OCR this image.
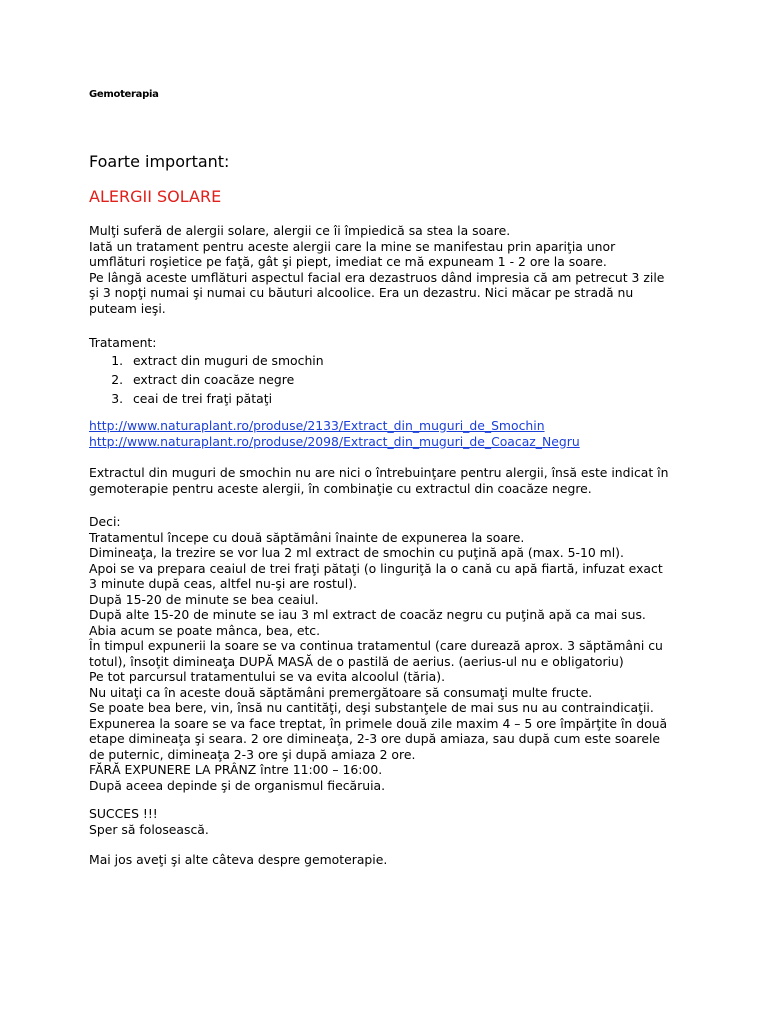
Gemoterapia
Foarte important:
ALERGII SOLARE

Mulţi suferă de alergii solare, alergii ce îi împiedică sa stea la soare.

Iată un tratament pentru aceste alergii care la mine se manifestau prin apariţia unor

umflături roşietice pe faţă, gât şi piept, imediat ce mă expuneam 1 - 2 ore la soare.

Pe lângă aceste umflături aspectul facial era dezastruos dând impresia că am petrecut 3 zile

şi 3 nopţi numai şi numai cu băuturi alcoolice. Era un dezastru. Nici măcar pe stradă nu

puteam ieşi.

Tratament:

1. extract din muguri de smochin
2. extract din coacăze negre
3. ceai de trei fraţi pătaţi
http://www.naturaplant.ro/produse/2133/Extract_din_muguri_de_Smochin
http://www.naturaplant.ro/produse/2098/Extract_din_muguri_de_Coacaz_Negru

Extractul din muguri de smochin nu are nici o întrebuinţare pentru alergii, însă este indicat în

gemoterapie pentru aceste alergii, în combinaţie cu extractul din coacăze negre.

Deci:

Tratamentul începe cu două săptămâni înainte de expunerea la soare.

Dimineaţa, la trezire se vor lua 2 ml extract de smochin cu puţină apă (max. 5-10 ml).

Apoi se va prepara ceaiul de trei fraţi pătaţi (o linguriţă la o cană cu apă fiartă, infuzat exact

3 minute după ceas, altfel nu-şi are rostul).

După 15-20 de minute se bea ceaiul.

După alte 15-20 de minute se iau 3 ml extract de coacăz negru cu puţină apă ca mai sus.

Abia acum se poate mânca, bea, etc.

În timpul expunerii la soare se va continua tratamentul (care durează aprox. 3 săptămâni cu

totul), însoţit dimineaţa DUPĂ MASĂ de o pastilă de aerius. (aerius-ul nu e obligatoriu)

Pe tot parcursul tratamentului se va evita alcoolul (tăria).

Nu uitaţi ca în aceste două săptămâni premergătoare să consumaţi multe fructe.

Se poate bea bere, vin, însă nu cantităţi, deşi substanţele de mai sus nu au contraindicaţii.

Expunerea la soare se va face treptat, în primele două zile maxim 4 – 5 ore împărţite în două

etape dimineaţa şi seara. 2 ore dimineaţa, 2-3 ore după amiaza, sau după cum este soarele

de puternic, dimineaţa 2-3 ore şi după amiaza 2 ore.

FĂRĂ EXPUNERE LA PRÂNZ între 11:00 – 16:00.

După aceea depinde şi de organismul fiecăruia.

SUCCES !!!

Sper să folosească.

Mai jos aveţi şi alte câteva despre gemoterapie.
